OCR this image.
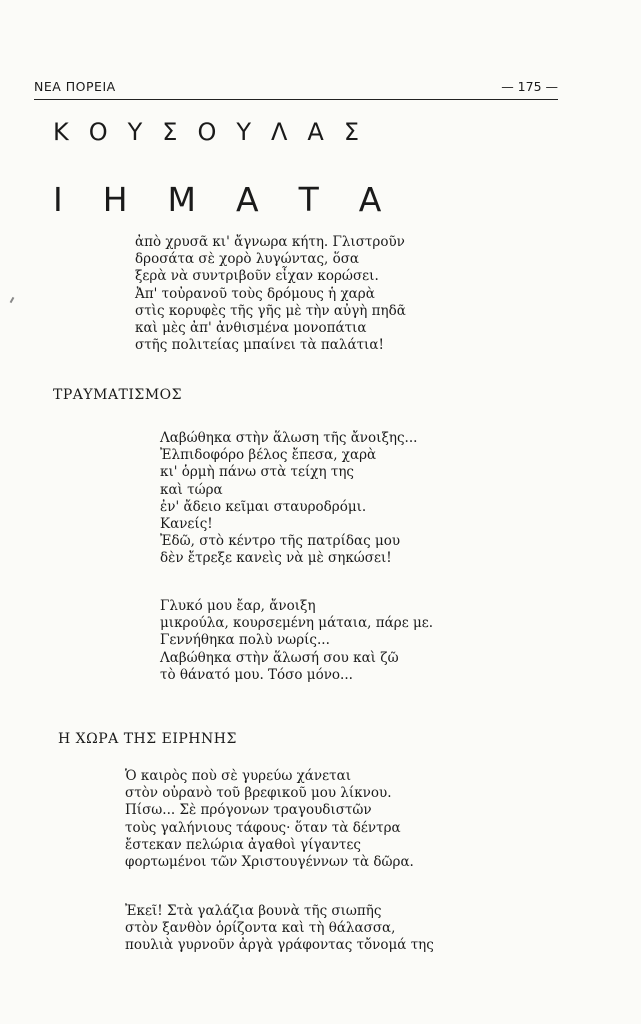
ΝΕΑ ΠΟΡΕΙΑ	— 175 —
ΚΟΥΣΟΥΛΑΣ
ΙΗΜΑΤΑ

ἀπὸ χρυσᾶ κι' ἄγνωρα κήτη. Γλιστροῦν
δροσάτα σὲ χορὸ λυγώντας, ὅσα
ξερὰ νὰ συντριβοῦν εἶχαν κορώσει.
Ἀπ' τοὐρανοῦ τοὺς δρόμους ἡ χαρὰ
στὶς κορυφὲς τῆς γῆς μὲ τὴν αὐγὴ πηδᾶ
καὶ μὲς ἀπ' ἀνθισμένα μονοπάτια
στῆς πολιτείας μπαίνει τὰ παλάτια!

ΤΡΑΥΜΑΤΙΣΜΟΣ

Λαβώθηκα στὴν ἅλωση τῆς ἄνοιξης...
Ἐλπιδοφόρο βέλος ἔπεσα, χαρὰ
κι' ὁρμὴ πάνω στὰ τείχη της
καὶ τώρα
ἐν' ἄδειο κεῖμαι σταυροδρόμι.
Κανείς!
Ἐδῶ, στὸ κέντρο τῆς πατρίδας μου
δὲν ἔτρεξε κανεὶς νὰ μὲ σηκώσει!

Γλυκό μου ἔαρ, ἄνοιξη
μικρούλα, κουρσεμένη μάταια, πάρε με.
Γεννήθηκα πολὺ νωρίς...
Λαβώθηκα στὴν ἅλωσή σου καὶ ζῶ
τὸ θάνατό μου. Τόσο μόνο...

Η ΧΩΡΑ ΤΗΣ ΕΙΡΗΝΗΣ

Ὁ καιρὸς ποὺ σὲ γυρεύω χάνεται
στὸν οὐρανὸ τοῦ βρεφικοῦ μου λίκνου.
Πίσω... Σὲ πρόγονων τραγουδιστῶν
τοὺς γαλήνιους τάφους· ὅταν τὰ δέντρα
ἔστεκαν πελώρια ἀγαθοὶ γίγαντες
φορτωμένοι τῶν Χριστουγέννων τὰ δῶρα.

Ἐκεῖ! Στὰ γαλάζια βουνὰ τῆς σιωπῆς
στὸν ξανθὸν ὁρίζοντα καὶ τὴ θάλασσα,
πουλιὰ γυρνοῦν ἀργὰ γράφοντας τὄνομά της
